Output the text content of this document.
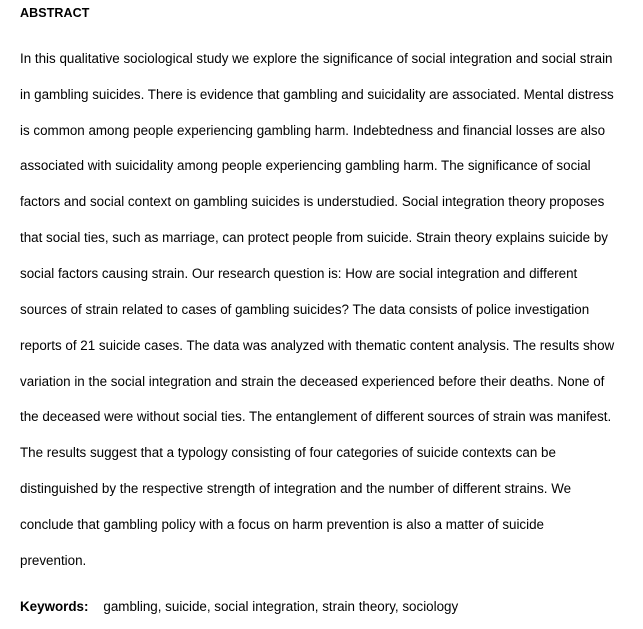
ABSTRACT
In this qualitative sociological study we explore the significance of social integration and social strain
in gambling suicides. There is evidence that gambling and suicidality are associated. Mental distress
is common among people experiencing gambling harm. Indebtedness and financial losses are also
associated with suicidality among people experiencing gambling harm. The significance of social
factors and social context on gambling suicides is understudied. Social integration theory proposes
that social ties, such as marriage, can protect people from suicide. Strain theory explains suicide by
social factors causing strain. Our research question is: How are social integration and different
sources of strain related to cases of gambling suicides? The data consists of police investigation
reports of 21 suicide cases. The data was analyzed with thematic content analysis. The results show
variation in the social integration and strain the deceased experienced before their deaths. None of
the deceased were without social ties. The entanglement of different sources of strain was manifest.
The results suggest that a typology consisting of four categories of suicide contexts can be
distinguished by the respective strength of integration and the number of different strains. We
conclude that gambling policy with a focus on harm prevention is also a matter of suicide
prevention.
Keywords: gambling, suicide, social integration, strain theory, sociology
